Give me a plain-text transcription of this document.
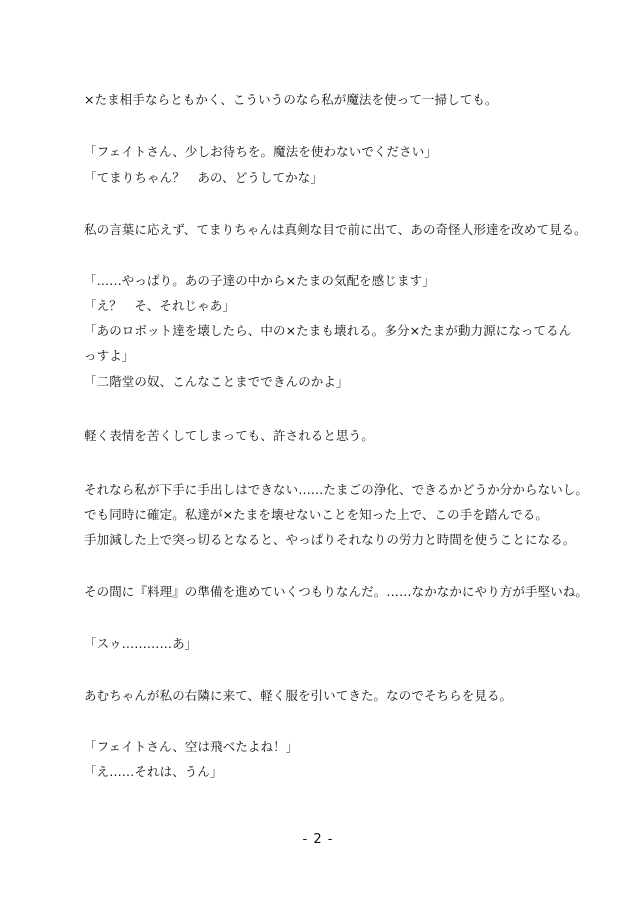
×たま相手ならともかく、こういうのなら私が魔法を使って一掃しても。
「フェイトさん、少しお待ちを。魔法を使わないでください」
「てまりちゃん？　あの、どうしてかな」
私の言葉に応えず、てまりちゃんは真剣な目で前に出て、あの奇怪人形達を改めて見る。
「……やっぱり。あの子達の中から×たまの気配を感じます」
「え？　そ、それじゃあ」
「あのロボット達を壊したら、中の×たまも壊れる。多分×たまが動力源になってるん
っすよ」
「二階堂の奴、こんなことまでできんのかよ」
軽く表情を苦くしてしまっても、許されると思う。
それなら私が下手に手出しはできない……たまごの浄化、できるかどうか分からないし。
でも同時に確定。私達が×たまを壊せないことを知った上で、この手を踏んでる。
手加減した上で突っ切るとなると、やっぱりそれなりの労力と時間を使うことになる。
その間に『料理』の準備を進めていくつもりなんだ。……なかなかにやり方が手堅いね。
「スゥ…………あ」
あむちゃんが私の右隣に来て、軽く服を引いてきた。なのでそちらを見る。
「フェイトさん、空は飛べたよね！」
「え……それは、うん」
- 2 -
